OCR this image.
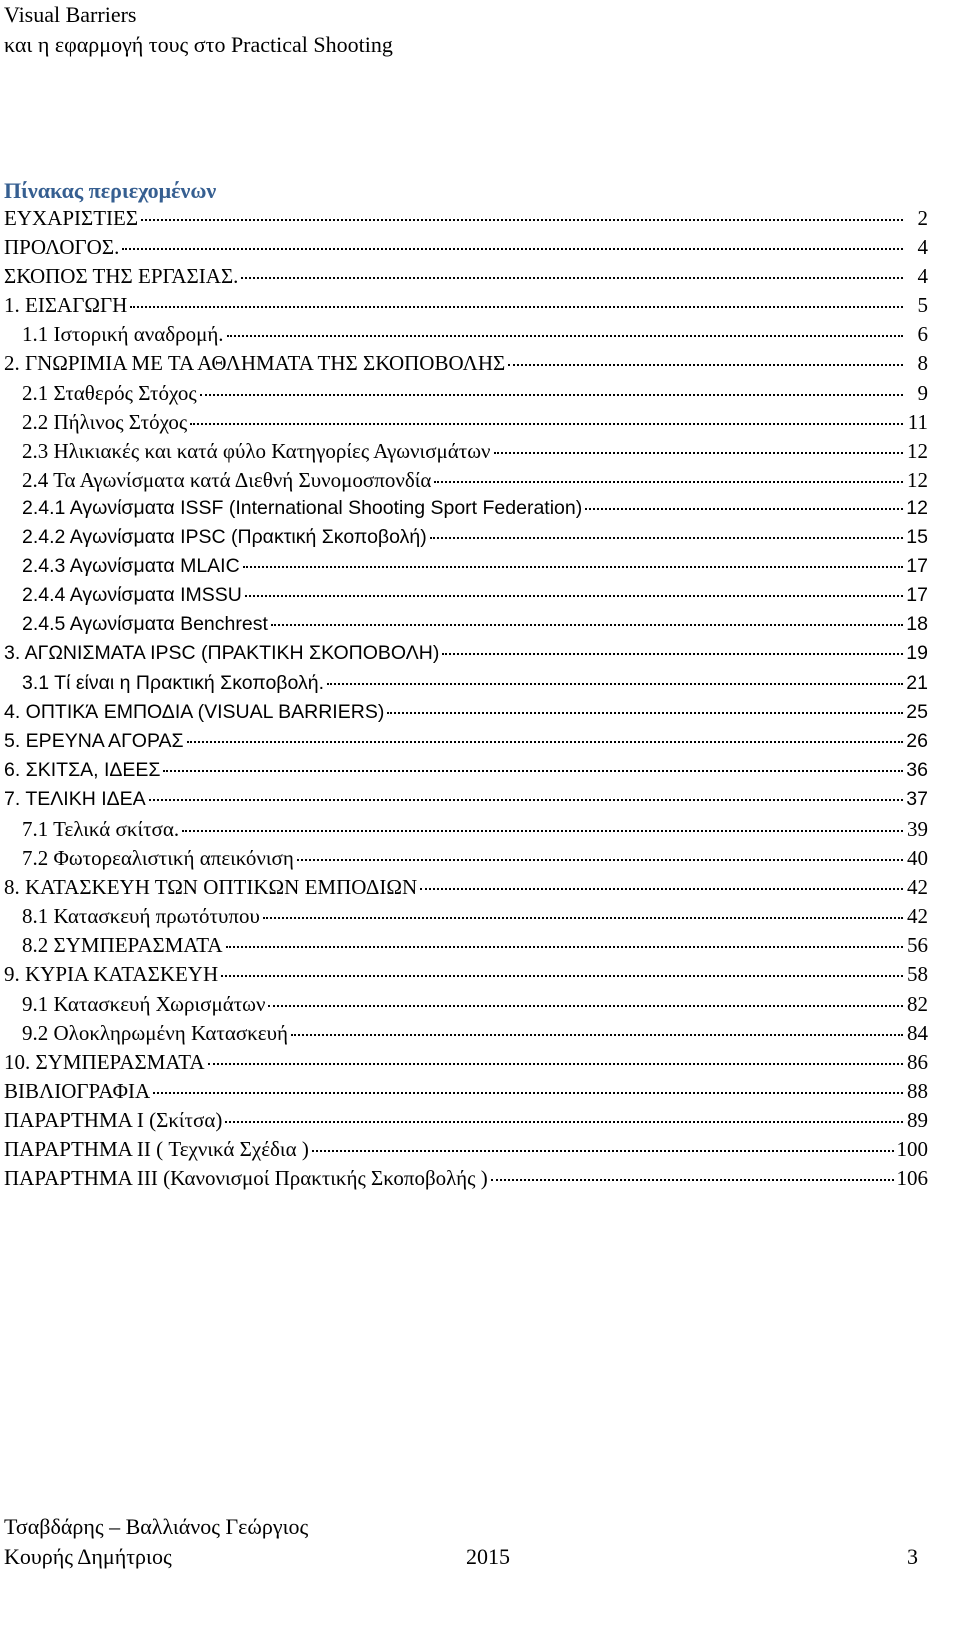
Visual Barriers
και η εφαρμογή τους στο Practical Shooting
Πίνακας περιεχομένων
ΕΥΧΑΡΙΣΤΙΕΣ	2
ΠΡΟΛΟΓΟΣ.	4
ΣΚΟΠΟΣ ΤΗΣ ΕΡΓΑΣΙΑΣ.	4
1. ΕΙΣΑΓΩΓΗ	5
1.1 Ιστορική αναδρομή.	6
2. ΓΝΩΡΙΜΙΑ ΜΕ ΤΑ ΑΘΛΗΜΑΤΑ ΤΗΣ ΣΚΟΠΟΒΟΛΗΣ	8
2.1 Σταθερός Στόχος	9
2.2 Πήλινος Στόχος	11
2.3 Ηλικιακές και κατά φύλο Κατηγορίες Αγωνισμάτων	12
2.4 Τα Αγωνίσματα κατά Διεθνή Συνομοσπονδία	12
2.4.1 Αγωνίσματα ISSF (International Shooting Sport Federation)	12
2.4.2 Αγωνίσματα IPSC (Πρακτική Σκοποβολή)	15
2.4.3 Αγωνίσματα MLAIC	17
2.4.4 Αγωνίσματα IMSSU	17
2.4.5 Αγωνίσματα Benchrest	18
3. ΑΓΩΝΙΣΜΑΤΑ IPSC (ΠΡΑΚΤΙΚΗ ΣΚΟΠΟΒΟΛΗ)	19
3.1 Τί είναι η Πρακτική Σκοποβολή.	21
4. ΟΠΤΙΚΆ ΕΜΠΟΔΙΑ (VISUAL BARRIERS)	25
5. ΕΡΕΥΝΑ ΑΓΟΡΑΣ	26
6. ΣΚΙΤΣΑ, ΙΔΕΕΣ	36
7. ΤΕΛΙΚΗ ΙΔΕΑ	37
7.1 Τελικά σκίτσα.	39
7.2 Φωτορεαλιστική απεικόνιση	40
8. ΚΑΤΑΣΚΕΥΗ ΤΩΝ ΟΠΤΙΚΩΝ ΕΜΠΟΔΙΩΝ	42
8.1 Κατασκευή πρωτότυπου	42
8.2 ΣΥΜΠΕΡΑΣΜΑΤΑ	56
9. ΚΥΡΙΑ ΚΑΤΑΣΚΕΥΗ	58
9.1 Κατασκευή Χωρισμάτων	82
9.2 Ολοκληρωμένη Κατασκευή	84
10. ΣΥΜΠΕΡΑΣΜΑΤΑ	86
ΒΙΒΛΙΟΓΡΑΦΙΑ	88
ΠΑΡΑΡΤΗΜΑ I (Σκίτσα)	89
ΠΑΡΑΡΤΗΜΑ II ( Τεχνικά Σχέδια )	100
ΠΑΡΑΡΤΗΜΑ III (Κανονισμοί Πρακτικής Σκοποβολής )	106
Τσαβδάρης – Βαλλιάνος Γεώργιος
Κουρής Δημήτριος	2015	3
